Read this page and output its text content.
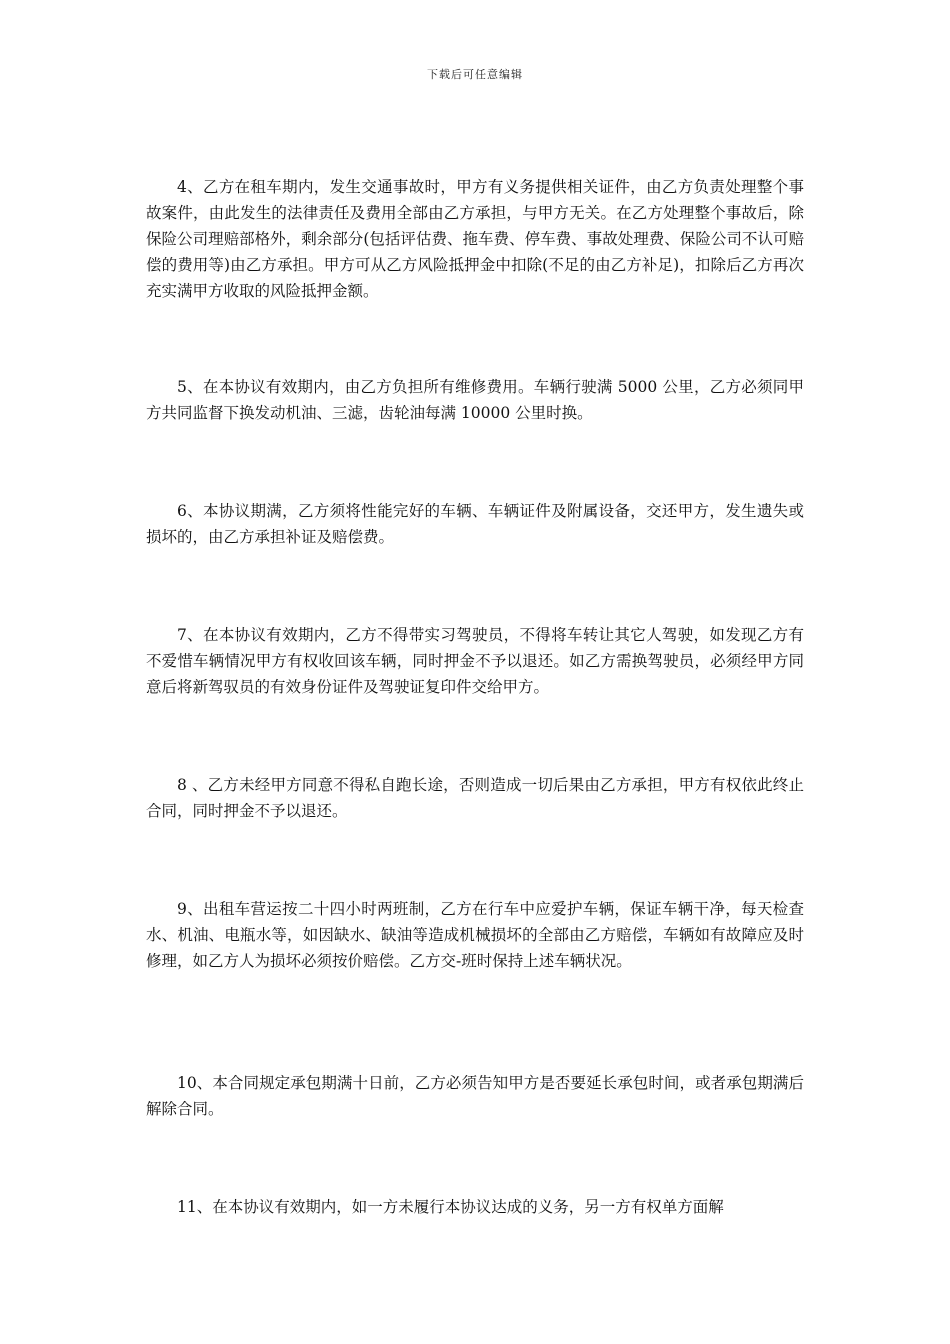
下载后可任意编辑

4、乙方在租车期内，发生交通事故时，甲方有义务提供相关证件，由乙方负责处理整个事故案件，由此发生的法律责任及费用全部由乙方承担，与甲方无关。在乙方处理整个事故后，除保险公司理赔部格外，剩余部分(包括评估费、拖车费、停车费、事故处理费、保险公司不认可赔偿的费用等)由乙方承担。甲方可从乙方风险抵押金中扣除(不足的由乙方补足)，扣除后乙方再次充实满甲方收取的风险抵押金额。

5、在本协议有效期内，由乙方负担所有维修费用。车辆行驶满 5000 公里，乙方必须同甲方共同监督下换发动机油、三滤，齿轮油每满 10000 公里时换。

6、本协议期满，乙方须将性能完好的车辆、车辆证件及附属设备，交还甲方，发生遗失或损坏的，由乙方承担补证及赔偿费。

7、在本协议有效期内，乙方不得带实习驾驶员，不得将车转让其它人驾驶，如发现乙方有不爱惜车辆情况甲方有权收回该车辆，同时押金不予以退还。如乙方需换驾驶员，必须经甲方同意后将新驾驭员的有效身份证件及驾驶证复印件交给甲方。

8 、乙方未经甲方同意不得私自跑长途，否则造成一切后果由乙方承担，甲方有权依此终止合同，同时押金不予以退还。

9、出租车营运按二十四小时两班制，乙方在行车中应爱护车辆，保证车辆干净，每天检查水、机油、电瓶水等，如因缺水、缺油等造成机械损坏的全部由乙方赔偿，车辆如有故障应及时修理，如乙方人为损坏必须按价赔偿。乙方交-班时保持上述车辆状况。

10、本合同规定承包期满十日前，乙方必须告知甲方是否要延长承包时间，或者承包期满后解除合同。

11、在本协议有效期内，如一方未履行本协议达成的义务，另一方有权单方面解
